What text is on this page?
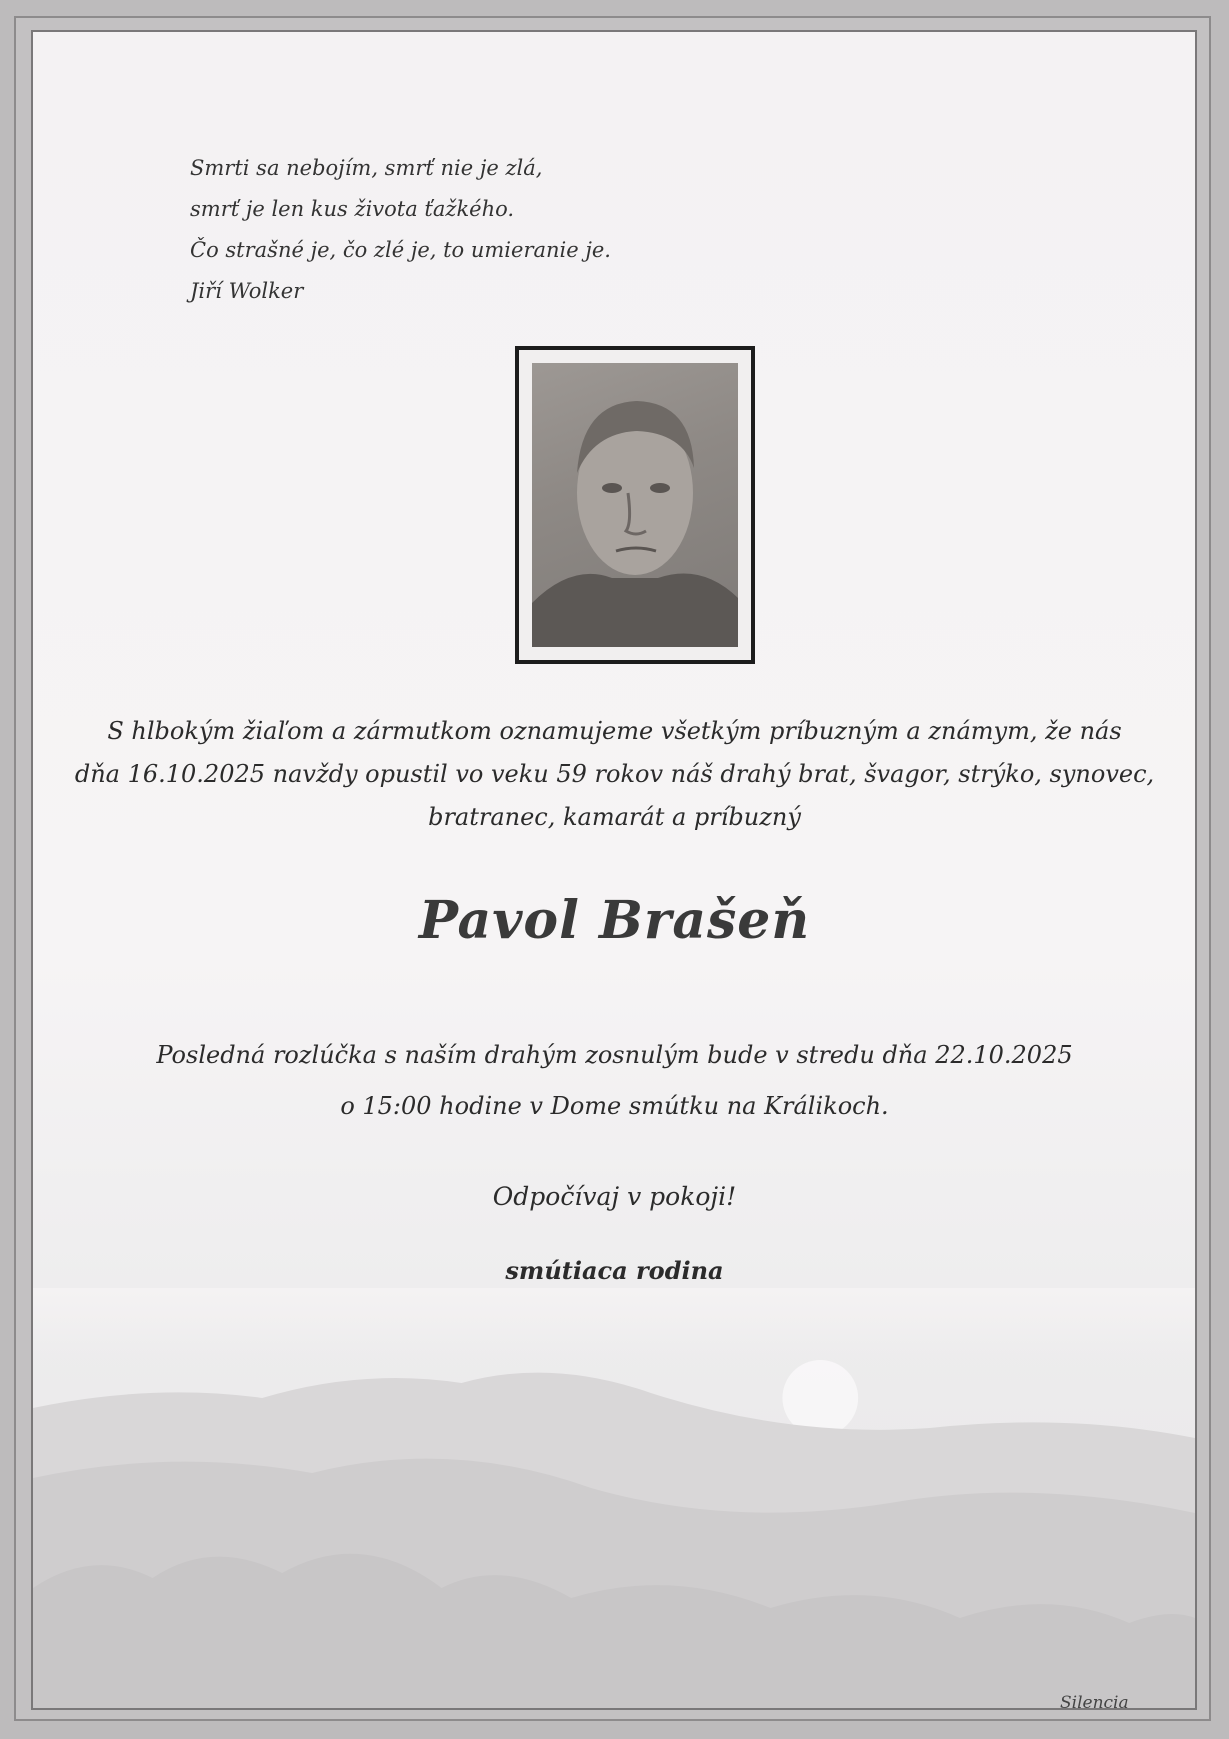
Smrti sa nebojím, smrť nie je zlá,
smrť je len kus života ťažkého.
Čo strašné je, čo zlé je, to umieranie je.
Jiří Wolker
S hlbokým žiaľom a zármutkom oznamujeme všetkým príbuzným a známym, že nás
dňa 16.10.2025 navždy opustil vo veku 59 rokov náš drahý brat, švagor, strýko, synovec,
bratranec, kamarát a príbuzný
Pavol Brašeň
Posledná rozlúčka s naším drahým zosnulým bude v stredu dňa 22.10.2025
o 15:00 hodine v Dome smútku na Králikoch.
Odpočívaj v pokoji!
smútiaca rodina
Silencia
